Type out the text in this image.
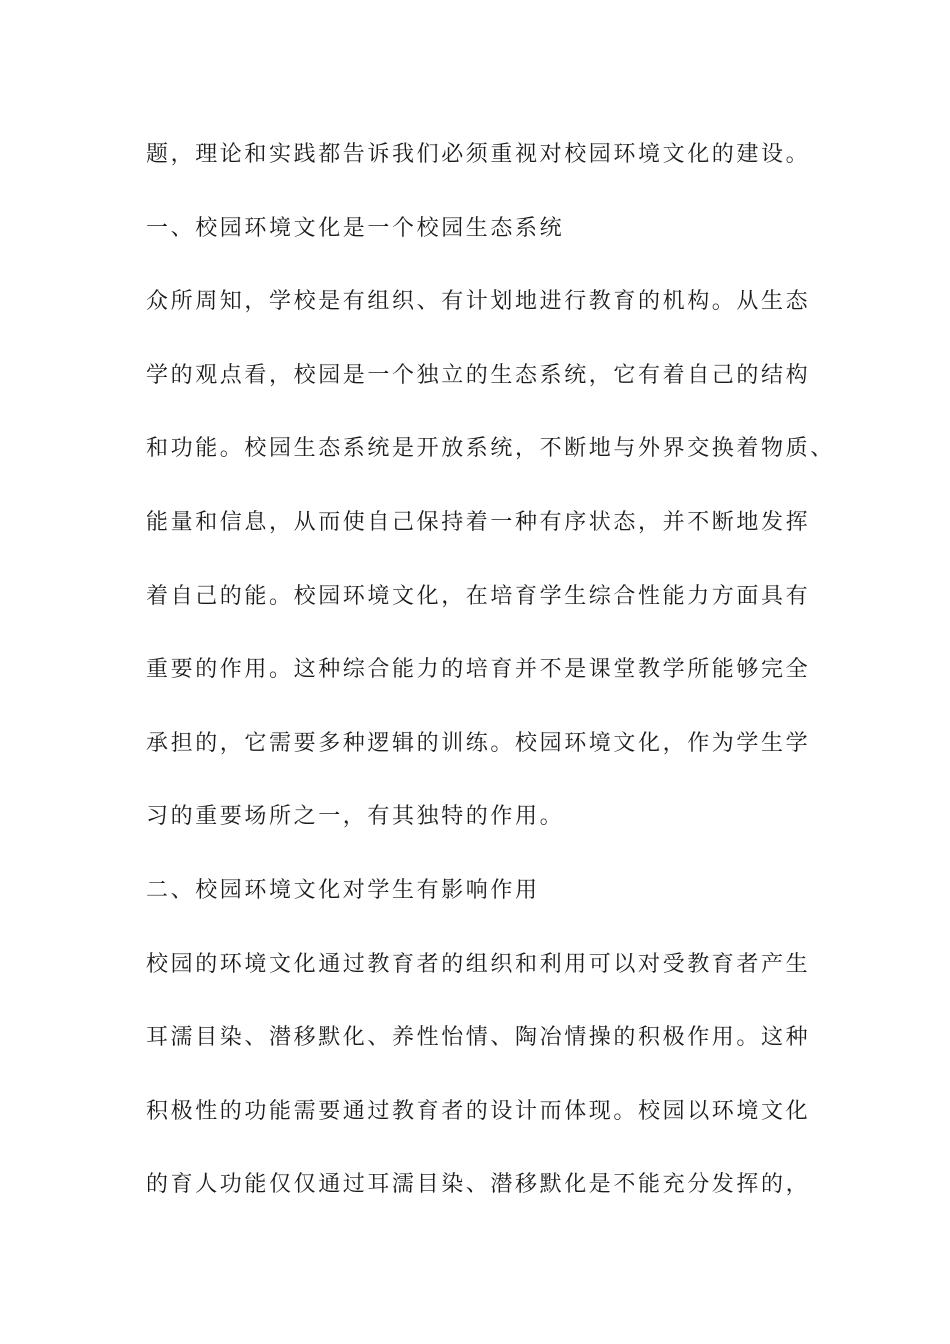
题，理论和实践都告诉我们必须重视对校园环境文化的建设。
一、校园环境文化是一个校园生态系统
众所周知，学校是有组织、有计划地进行教育的机构。从生态
学的观点看，校园是一个独立的生态系统，它有着自己的结构
和功能。校园生态系统是开放系统，不断地与外界交换着物质、
能量和信息，从而使自己保持着一种有序状态，并不断地发挥
着自己的能。校园环境文化，在培育学生综合性能力方面具有
重要的作用。这种综合能力的培育并不是课堂教学所能够完全
承担的，它需要多种逻辑的训练。校园环境文化，作为学生学
习的重要场所之一，有其独特的作用。
二、校园环境文化对学生有影响作用
校园的环境文化通过教育者的组织和利用可以对受教育者产生
耳濡目染、潜移默化、养性怡情、陶冶情操的积极作用。这种
积极性的功能需要通过教育者的设计而体现。校园以环境文化
的育人功能仅仅通过耳濡目染、潜移默化是不能充分发挥的，
